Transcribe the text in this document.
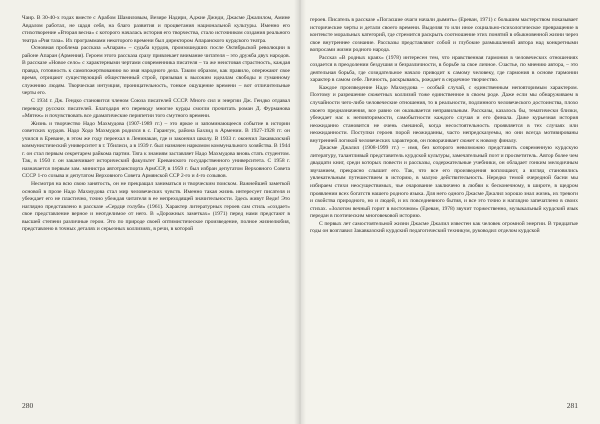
Чаир. В 30-40-х годах вместе с Арабом Шамиловым, Везире Надири, Аджие Джнди, Джасме Джалилом, Амине Авдалом работал, не щадя себя, на благо развития и процветания национальной культуры. Именно его стихотворение «Вторая весна» с которого началась история его творчества, стало источником создания реального театра «Рия таза». Их программами некоторого времени был директором Апаранского курдского театра.

Основная проблема рассказа «Апаран» – судьба курдов, произошедших после Октябрьской революции в районе Апаран (Армения). Героем этого рассказа сразу привлекает внимание читателя – это дружба двух народов. В рассказе «Новое село» с характерными чертами современника писателя – та же неистовая страстность, каждая правда, готовность к самопожертвованию во имя народного дела. Таким образом, как правило, опережают свое время, отрицают существующий общественный строй, призывая к высоким идеалам свободы и гуманному служению людям. Творческая интуиция, проницательность, тонкое ощущение времени – вот отличительные черты его.

С 1934 г. Дж. Гендко становится членом Союза писателей СССР. Много сил и энергии Дж. Гендко отдавал переводу русских писателей. Благодаря его переводу многие курды смогли прочитать роман Д. Фурманова «Мятеж» и почувствовать все драматические перипетии того смутного времени.

Жизнь и творчество Надо Махмудова (1907-1989 гг.) – это яркое и запоминающееся событие в истории советских курдов. Надо Ходо Махмудов родился в с. Гарангук, района Бахзид в Армении. В 1927-1928 гг. он учился в Ереване, в этом же году переехал в Ленинакан, где и закончил школу. В 1933 г. окончил Закавказский коммунистический университет в г. Тбилиси, а в 1939 г. был назначен наркомом коммунального хозяйства. В 1944 г. он стал первым секретарем райкома партии. Тяга к знаниям заставляет Надо Махмудова вновь стать студентом. Так, в 1950 г. он заканчивает исторический факультет Ереванского государственного университета. С 1958 г. назначается первым зам. министра автотранспорта АрмССР, в 1959 г. был избран депутатом Верховного Совета СССР 1-го созыва и депутатом Верховного Совета Армянской ССР 2-го и 4-го созывов.

Несмотря на всю свою занятость, он не прекращал заниматься и творческим поиском. Важнейшей заметкой основой в прозе Надо Махмудова стал мир человеческих чувств. Именно такая жизнь интересует писателя и убеждает его не пластично, точно убеждая читателя в ее непреходящей значительности. Здесь живут Веди! Это наглядно представлено в рассказе «Сердце голубя» (1961). Характер литературных героев сам стиль «создает» свое представление верное и неотделимое от него. В «Дорожных заметках» (1971) перед нами предстают в высшей степени различные герои. Это по природе своей оптимистическое произведение, полное жизнелюбия, представлено в точных деталях и серьезных коллизиях, в речи, в которой

280

героев. Писатель в рассказе «Погасшие очаги начали дымить» (Ереван, 1971) с большим мастерством показывает исторические черты и детали своего времени. Выделяя то или иное социально-психологическое превращение в контексте моральных категорий, где стремится раскрыть соотношение этих понятий в обыкновенной жизни через свое внутреннее сознание. Рассказы представляют собой и глубокие размышлений автора над конкретными вопросами жизни родного народа.

Рассказ «В родных краях» (1978) интересен тем, что нравственная гармония в человеческих отношениях создается в преодолении бездушия и безразличности, в борьбе за свое личное. Счастье, по мнению автора, – это деятельная борьба, где созидательное начало приводит к самому человеку, где гармония в основе гармонии характер в самом себе. Личность, раскрываясь, рождает в сердечное творчество.

Каждое произведение Надо Махмудова – особый случай, с единственным неповторимым характером. Поэтому и разрешение сюжетных коллизий тоже единственное в своем роде. Даже если мы обнаруживаем в случайности чего-либо человеческие отношения, то в реальности, подлинного человеческого достоинства, плохо своего предназначения, все равно он оказывается неправильным. Рассказы, казалось бы, тематически близки, убеждает нас к неповторимости, самобытности каждого случая и его финала. Даже курьезная история неожиданно становится не очень смешной, когда несостоятельность проявляется в тех случаях или неожиданности. Поступки героев порой неожиданны, часто непредсказуемы, но они всегда мотивированы внутренней логикой человеческих характеров, он поворачивает сюжет к новому финалу.

Джасме Джалил (1908-1999 гг.) – имя, без которого невозможно представить современную курдскую литературу, талантливый представитель курдской культуры, замечательный поэт и просветитель. Автор более чем двадцати книг, среди которых повести и рассказы, содержательные учебники, он обладает гонким мелодичным звучанием, прекрасно слышит его. Так, что все его произведения воплощают, а взгляд становились увлекательным путешествием в историю, в малую действительность. Нередко темой очередной басни мы избираем стихи неосуществимых, чье очарование заключено в любви к бесконечному, в широте, в щедром проявлении всех богатств нашего родного языка. Для него одного Джасме Джалил хорошо знал жизнь, их тревоги и свойства природного, но и людей, и их повседневного бытия, и все это точно и наглядно запечатлено в своих стихах. «Золотом вечный горит в восточном» (Ереван, 1978) звучит торжественно, музыкальный курдский язык передан в поэтическим многовековой историю.

С первых лет самостоятельной жизни Джасме Джалил известен как человек огромной энергии. В тридцатые годы он возглавил Закавказский курдский педагогический техникум, руководил отделом курдской

281
